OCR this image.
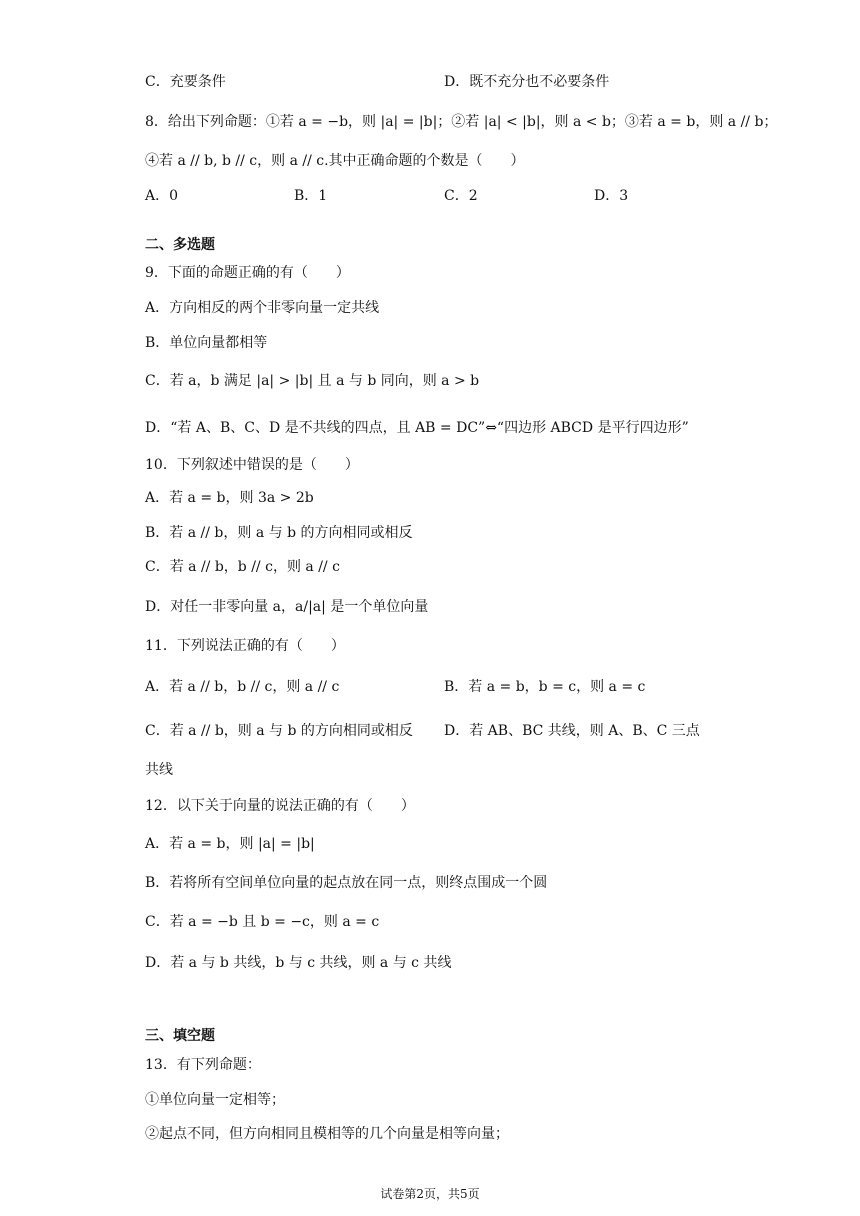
C．充要条件	D．既不充分也不必要条件
8．给出下列命题：①若 a = −b，则 |a| = |b|；②若 |a| < |b|，则 a < b；③若 a = b，则 a // b；
④若 a // b, b // c，则 a // c.其中正确命题的个数是（　　）
A．0	B．1	C．2	D．3
二、多选题
9．下面的命题正确的有（　　）
A．方向相反的两个非零向量一定共线
B．单位向量都相等
C．若 a，b 满足 |a| > |b| 且 a 与 b 同向，则 a > b
D．“若 A、B、C、D 是不共线的四点，且 AB = DC”⇔“四边形 ABCD 是平行四边形”
10．下列叙述中错误的是（　　）
A．若 a = b，则 3a > 2b
B．若 a // b，则 a 与 b 的方向相同或相反
C．若 a // b，b // c，则 a // c
D．对任一非零向量 a，a/|a| 是一个单位向量
11．下列说法正确的有（　　）
A．若 a // b，b // c，则 a // c	B．若 a = b，b = c，则 a = c
C．若 a // b，则 a 与 b 的方向相同或相反 D．若 AB、BC 共线，则 A、B、C 三点
共线
12．以下关于向量的说法正确的有（　　）
A．若 a = b，则 |a| = |b|
B．若将所有空间单位向量的起点放在同一点，则终点围成一个圆
C．若 a = −b 且 b = −c，则 a = c
D．若 a 与 b 共线，b 与 c 共线，则 a 与 c 共线
三、填空题
13．有下列命题：
①单位向量一定相等；
②起点不同，但方向相同且模相等的几个向量是相等向量；
试卷第2页，共5页
